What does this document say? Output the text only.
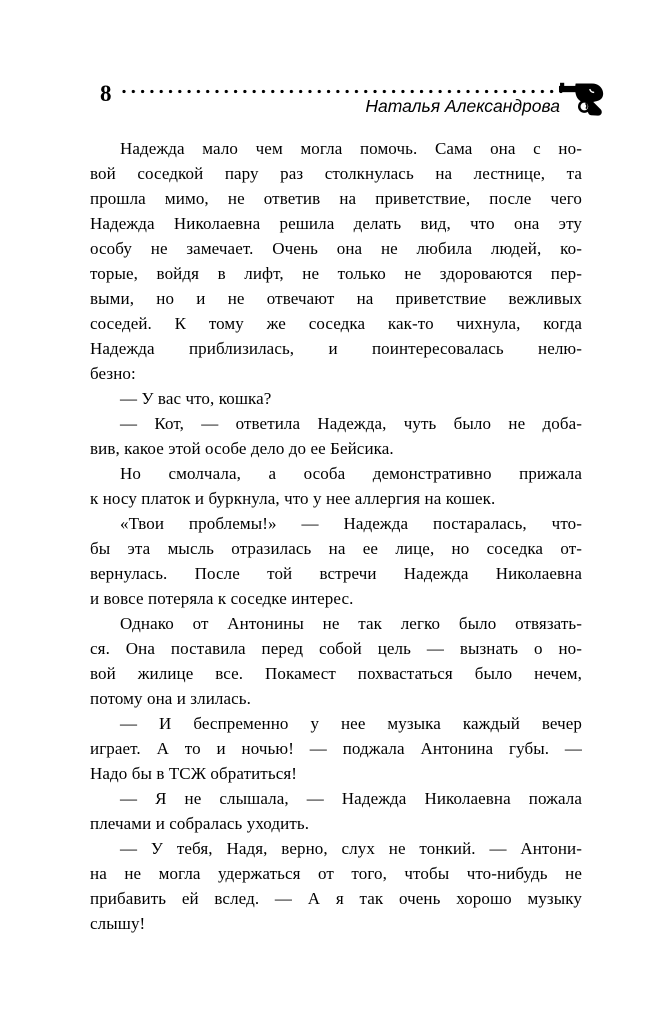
8	Наталья Александрова
Надежда мало чем могла помочь. Сама она с но-
вой соседкой пару раз столкнулась на лестнице, та
прошла мимо, не ответив на приветствие, после чего
Надежда Николаевна решила делать вид, что она эту
особу не замечает. Очень она не любила людей, ко-
торые, войдя в лифт, не только не здороваются пер-
выми, но и не отвечают на приветствие вежливых
соседей. К тому же соседка как-то чихнула, когда
Надежда приблизилась, и поинтересовалась нелю-
безно:
— У вас что, кошка?
— Кот, — ответила Надежда, чуть было не доба-
вив, какое этой особе дело до ее Бейсика.
Но смолчала, а особа демонстративно прижала
к носу платок и буркнула, что у нее аллергия на кошек.
«Твои проблемы!» — Надежда постаралась, что-
бы эта мысль отразилась на ее лице, но соседка от-
вернулась. После той встречи Надежда Николаевна
и вовсе потеряла к соседке интерес.
Однако от Антонины не так легко было отвязать-
ся. Она поставила перед собой цель — вызнать о но-
вой жилице все. Покамест похвастаться было нечем,
потому она и злилась.
— И беспременно у нее музыка каждый вечер
играет. А то и ночью! — поджала Антонина губы. —
Надо бы в ТСЖ обратиться!
— Я не слышала, — Надежда Николаевна пожала
плечами и собралась уходить.
— У тебя, Надя, верно, слух не тонкий. — Антони-
на не могла удержаться от того, чтобы что-нибудь не
прибавить ей вслед. — А я так очень хорошо музыку
слышу!
